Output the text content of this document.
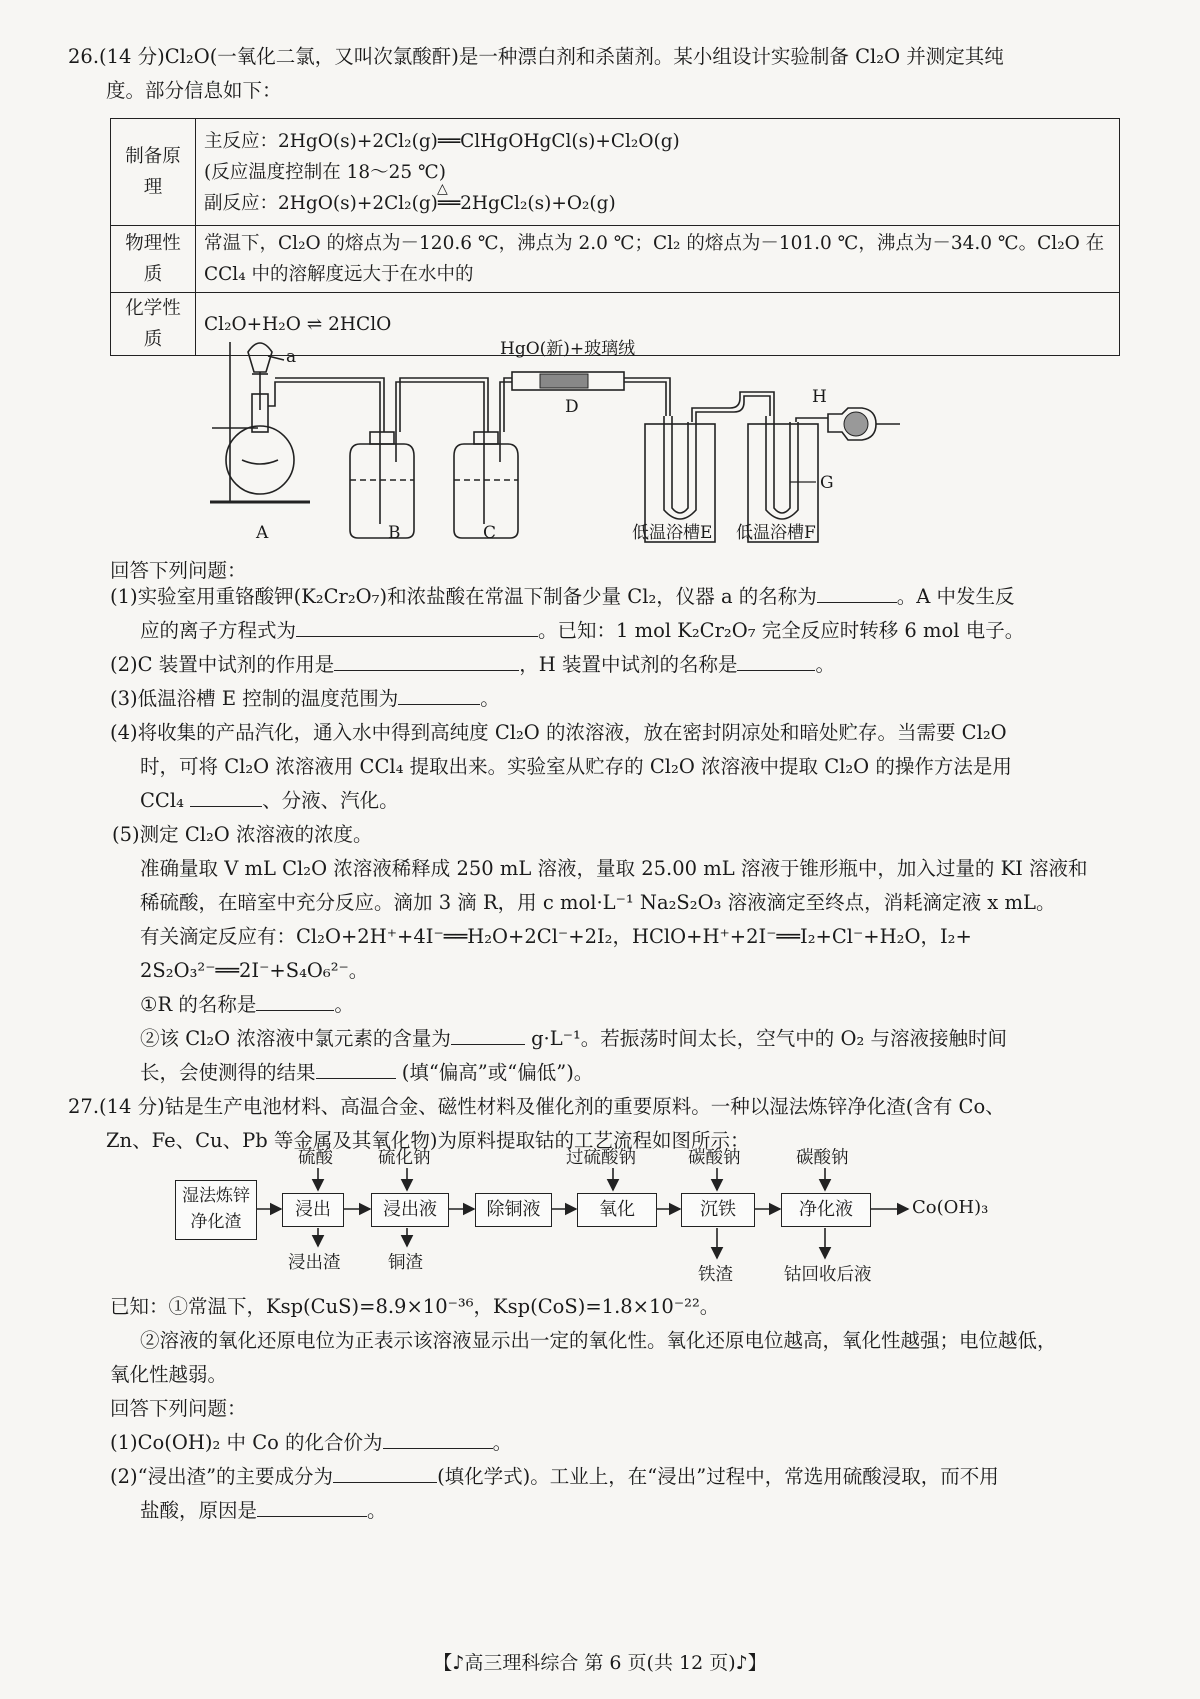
26.(14 分)Cl₂O(一氧化二氯，又叫次氯酸酐)是一种漂白剂和杀菌剂。某小组设计实验制备 Cl₂O 并测定其纯
度。部分信息如下：
制备原理	主反应：2HgO(s)+2Cl₂(g)══ClHgOHgCl(s)+Cl₂O(g)
(反应温度控制在 18～25 ℃)
副反应：2HgO(s)+2Cl₂(g)══2HgCl₂(s)+O₂(g)
△

物理性质	常温下，Cl₂O 的熔点为－120.6 ℃，沸点为 2.0 ℃；Cl₂ 的熔点为－101.0 ℃，沸点为－34.0 ℃。Cl₂O 在
CCl₄ 中的溶解度远大于在水中的

化学性质	Cl₂O+H₂O ⇌ 2HClO
HgO(新)+玻璃绒
a
A	B	C
D
低温浴槽E 低温浴槽F
G
H
回答下列问题：
(1)实验室用重铬酸钾(K₂Cr₂O₇)和浓盐酸在常温下制备少量 Cl₂，仪器 a 的名称为	。A 中发生反
应的离子方程式为	。已知：1 mol K₂Cr₂O₇ 完全反应时转移 6 mol 电子。
(2)C 装置中试剂的作用是	，H 装置中试剂的名称是	。
(3)低温浴槽 E 控制的温度范围为	。
(4)将收集的产品汽化，通入水中得到高纯度 Cl₂O 的浓溶液，放在密封阴凉处和暗处贮存。当需要 Cl₂O
时，可将 Cl₂O 浓溶液用 CCl₄ 提取出来。实验室从贮存的 Cl₂O 浓溶液中提取 Cl₂O 的操作方法是用
CCl₄	、分液、汽化。
(5)测定 Cl₂O 浓溶液的浓度。
准确量取 V mL Cl₂O 浓溶液稀释成 250 mL 溶液，量取 25.00 mL 溶液于锥形瓶中，加入过量的 KI 溶液和
稀硫酸，在暗室中充分反应。滴加 3 滴 R，用 c mol·L⁻¹ Na₂S₂O₃ 溶液滴定至终点，消耗滴定液 x mL。
有关滴定反应有：Cl₂O+2H⁺+4I⁻══H₂O+2Cl⁻+2I₂，HClO+H⁺+2I⁻══I₂+Cl⁻+H₂O，I₂+
2S₂O₃²⁻══2I⁻+S₄O₆²⁻。
①R 的名称是	。
②该 Cl₂O 浓溶液中氯元素的含量为	g·L⁻¹。若振荡时间太长，空气中的 O₂ 与溶液接触时间
长，会使测得的结果	(填“偏高”或“偏低”)。
27.(14 分)钴是生产电池材料、高温合金、磁性材料及催化剂的重要原料。一种以湿法炼锌净化渣(含有 Co、
Zn、Fe、Cu、Pb 等金属及其氧化物)为原料提取钴的工艺流程如图所示：
湿法炼锌
净化渣
浸出	浸出液	除铜液	氧化	沉铁	净化液	Co(OH)₃
硫酸	硫化钠	过硫酸钠	碳酸钠	碳酸钠
浸出渣	铜渣
铁渣	钴回收后液
已知：①常温下，Ksp(CuS)=8.9×10⁻³⁶，Ksp(CoS)=1.8×10⁻²²。
②溶液的氧化还原电位为正表示该溶液显示出一定的氧化性。氧化还原电位越高，氧化性越强；电位越低，
氧化性越弱。
回答下列问题：
(1)Co(OH)₂ 中 Co 的化合价为	。
(2)“浸出渣”的主要成分为	(填化学式)。工业上，在“浸出”过程中，常选用硫酸浸取，而不用
盐酸，原因是	。
【♪高三理科综合 第 6 页(共 12 页)♪】
